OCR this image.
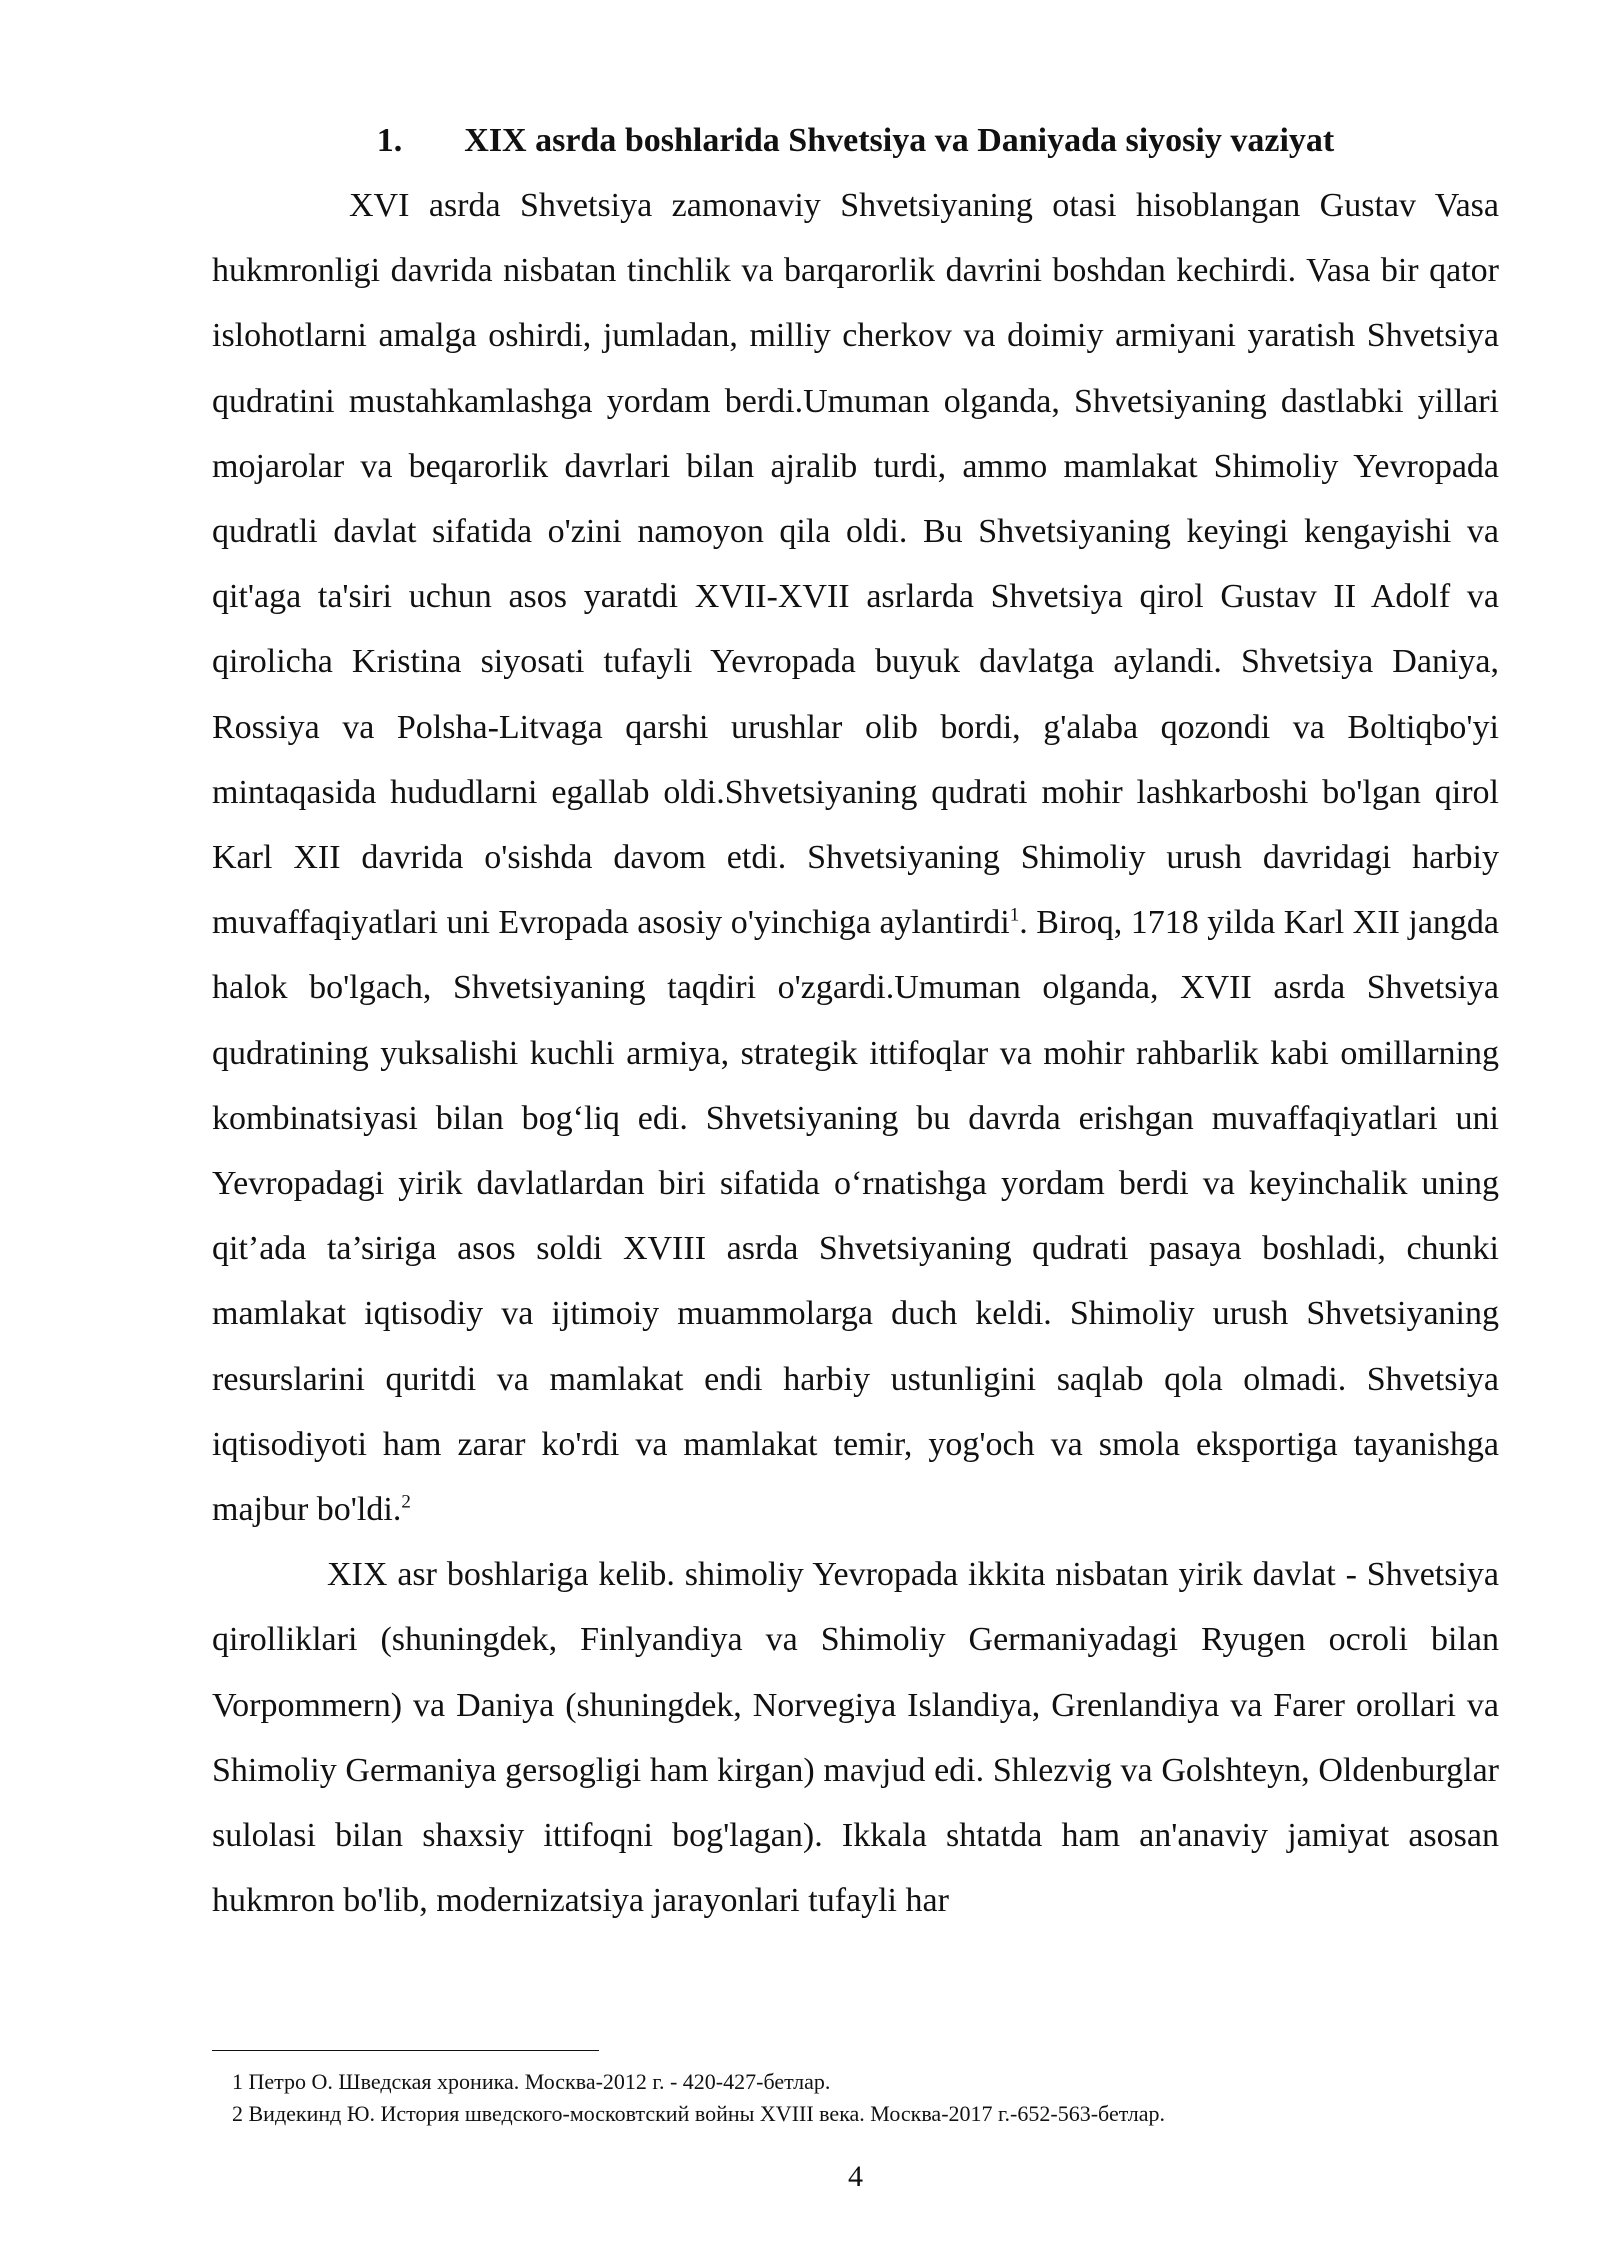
1. XIX asrda boshlarida Shvetsiya va Daniyada siyosiy vaziyat

XVI asrda Shvetsiya zamonaviy Shvetsiyaning otasi hisoblangan Gustav Vasa hukmronligi davrida nisbatan tinchlik va barqarorlik davrini boshdan kechirdi. Vasa bir qator islohotlarni amalga oshirdi, jumladan, milliy cherkov va doimiy armiyani yaratish Shvetsiya qudratini mustahkamlashga yordam berdi.Umuman olganda, Shvetsiyaning dastlabki yillari mojarolar va beqarorlik davrlari bilan ajralib turdi, ammo mamlakat Shimoliy Yevropada qudratli davlat sifatida o'zini namoyon qila oldi. Bu Shvetsiyaning keyingi kengayishi va qit'aga ta'siri uchun asos yaratdi XVII-XVII asrlarda Shvetsiya qirol Gustav II Adolf va qirolicha Kristina siyosati tufayli Yevropada buyuk davlatga aylandi. Shvetsiya Daniya, Rossiya va Polsha-Litvaga qarshi urushlar olib bordi, g'alaba qozondi va Boltiqbo'yi mintaqasida hududlarni egallab oldi.Shvetsiyaning qudrati mohir lashkarboshi bo'lgan qirol Karl XII davrida o'sishda davom etdi. Shvetsiyaning Shimoliy urush davridagi harbiy muvaffaqiyatlari uni Evropada asosiy o'yinchiga aylantirdi$^1$. Biroq, 1718 yilda Karl XII jangda halok bo'lgach, Shvetsiyaning taqdiri o'zgardi.Umuman olganda, XVII asrda Shvetsiya qudratining yuksalishi kuchli armiya, strategik ittifoqlar va mohir rahbarlik kabi omillarning kombinatsiyasi bilan bog‘liq edi. Shvetsiyaning bu davrda erishgan muvaffaqiyatlari uni Yevropadagi yirik davlatlardan biri sifatida o‘rnatishga yordam berdi va keyinchalik uning qit’ada ta’siriga asos soldi XVIII asrda Shvetsiyaning qudrati pasaya boshladi, chunki mamlakat iqtisodiy va ijtimoiy muammolarga duch keldi. Shimoliy urush Shvetsiyaning resurslarini quritdi va mamlakat endi harbiy ustunligini saqlab qola olmadi. Shvetsiya iqtisodiyoti ham zarar ko'rdi va mamlakat temir, yog'och va smola eksportiga tayanishga majbur bo'ldi.$^2$

XIX asr boshlariga kelib. shimoliy Yevropada ikkita nisbatan yirik davlat - Shvetsiya qirolliklari (shuningdek, Finlyandiya va Shimoliy Germaniyadagi Ryugen ocroli bilan Vorpommern) va Daniya (shuningdek, Norvegiya Islandiya, Grenlandiya va Farer orollari va Shimoliy Germaniya gersogligi ham kirgan) mavjud edi. Shlezvig va Golshteyn, Oldenburglar sulolasi bilan shaxsiy ittifoqni bog'lagan). Ikkala shtatda ham an'anaviy jamiyat asosan hukmron bo'lib, modernizatsiya jarayonlari tufayli har

1 Петро О. Шведская хроника. Москва-2012 г. - 420-427-бетлар.
2 Видекинд Ю. История шведского-московтский войны XVIII века. Москва-2017 г.-652-563-бетлар.
4
